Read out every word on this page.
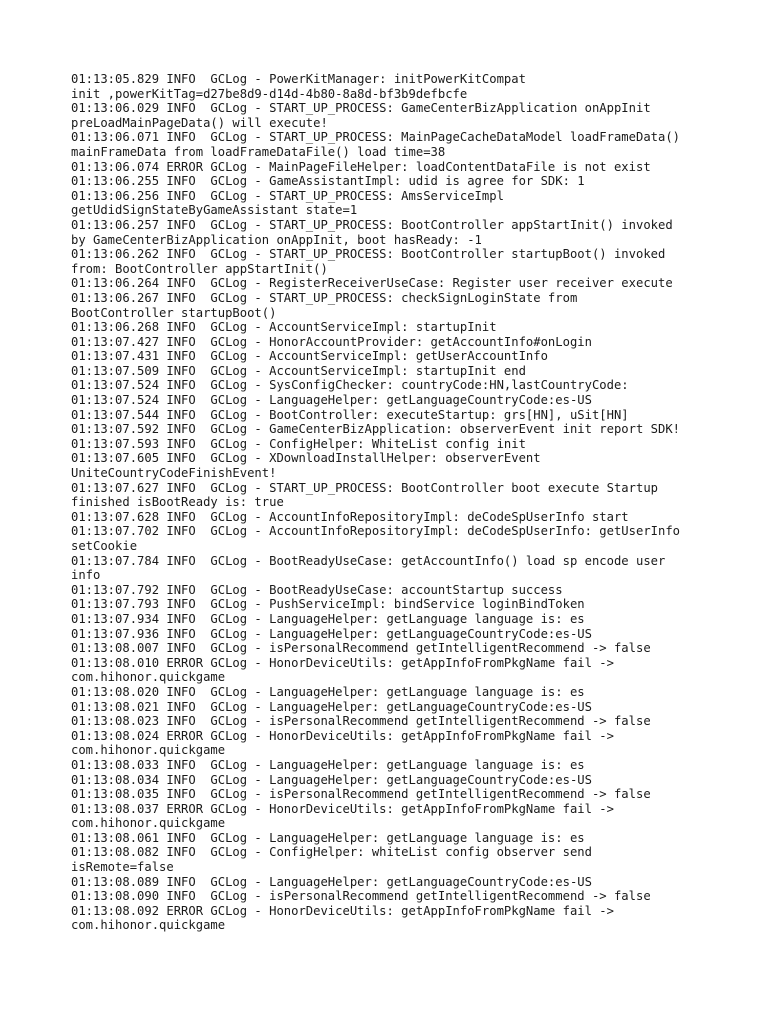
01:13:05.829 INFO  GCLog - PowerKitManager: initPowerKitCompat
init ,powerKitTag=d27be8d9-d14d-4b80-8a8d-bf3b9defbcfe
01:13:06.029 INFO  GCLog - START_UP_PROCESS: GameCenterBizApplication onAppInit
preLoadMainPageData() will execute!
01:13:06.071 INFO  GCLog - START_UP_PROCESS: MainPageCacheDataModel loadFrameData()
mainFrameData from loadFrameDataFile() load time=38
01:13:06.074 ERROR GCLog - MainPageFileHelper: loadContentDataFile is not exist
01:13:06.255 INFO  GCLog - GameAssistantImpl: udid is agree for SDK: 1
01:13:06.256 INFO  GCLog - START_UP_PROCESS: AmsServiceImpl
getUdidSignStateByGameAssistant state=1
01:13:06.257 INFO  GCLog - START_UP_PROCESS: BootController appStartInit() invoked
by GameCenterBizApplication onAppInit, boot hasReady: -1
01:13:06.262 INFO  GCLog - START_UP_PROCESS: BootController startupBoot() invoked
from: BootController appStartInit()
01:13:06.264 INFO  GCLog - RegisterReceiverUseCase: Register user receiver execute
01:13:06.267 INFO  GCLog - START_UP_PROCESS: checkSignLoginState from
BootController startupBoot()
01:13:06.268 INFO  GCLog - AccountServiceImpl: startupInit
01:13:07.427 INFO  GCLog - HonorAccountProvider: getAccountInfo#onLogin
01:13:07.431 INFO  GCLog - AccountServiceImpl: getUserAccountInfo
01:13:07.509 INFO  GCLog - AccountServiceImpl: startupInit end
01:13:07.524 INFO  GCLog - SysConfigChecker: countryCode:HN,lastCountryCode:
01:13:07.524 INFO  GCLog - LanguageHelper: getLanguageCountryCode:es-US
01:13:07.544 INFO  GCLog - BootController: executeStartup: grs[HN], uSit[HN]
01:13:07.592 INFO  GCLog - GameCenterBizApplication: observerEvent init report SDK!
01:13:07.593 INFO  GCLog - ConfigHelper: WhiteList config init
01:13:07.605 INFO  GCLog - XDownloadInstallHelper: observerEvent
UniteCountryCodeFinishEvent!
01:13:07.627 INFO  GCLog - START_UP_PROCESS: BootController boot execute Startup
finished isBootReady is: true
01:13:07.628 INFO  GCLog - AccountInfoRepositoryImpl: deCodeSpUserInfo start
01:13:07.702 INFO  GCLog - AccountInfoRepositoryImpl: deCodeSpUserInfo: getUserInfo
setCookie
01:13:07.784 INFO  GCLog - BootReadyUseCase: getAccountInfo() load sp encode user
info
01:13:07.792 INFO  GCLog - BootReadyUseCase: accountStartup success
01:13:07.793 INFO  GCLog - PushServiceImpl: bindService loginBindToken
01:13:07.934 INFO  GCLog - LanguageHelper: getLanguage language is: es
01:13:07.936 INFO  GCLog - LanguageHelper: getLanguageCountryCode:es-US
01:13:08.007 INFO  GCLog - isPersonalRecommend getIntelligentRecommend -> false
01:13:08.010 ERROR GCLog - HonorDeviceUtils: getAppInfoFromPkgName fail ->
com.hihonor.quickgame
01:13:08.020 INFO  GCLog - LanguageHelper: getLanguage language is: es
01:13:08.021 INFO  GCLog - LanguageHelper: getLanguageCountryCode:es-US
01:13:08.023 INFO  GCLog - isPersonalRecommend getIntelligentRecommend -> false
01:13:08.024 ERROR GCLog - HonorDeviceUtils: getAppInfoFromPkgName fail ->
com.hihonor.quickgame
01:13:08.033 INFO  GCLog - LanguageHelper: getLanguage language is: es
01:13:08.034 INFO  GCLog - LanguageHelper: getLanguageCountryCode:es-US
01:13:08.035 INFO  GCLog - isPersonalRecommend getIntelligentRecommend -> false
01:13:08.037 ERROR GCLog - HonorDeviceUtils: getAppInfoFromPkgName fail ->
com.hihonor.quickgame
01:13:08.061 INFO  GCLog - LanguageHelper: getLanguage language is: es
01:13:08.082 INFO  GCLog - ConfigHelper: whiteList config observer send
isRemote=false
01:13:08.089 INFO  GCLog - LanguageHelper: getLanguageCountryCode:es-US
01:13:08.090 INFO  GCLog - isPersonalRecommend getIntelligentRecommend -> false
01:13:08.092 ERROR GCLog - HonorDeviceUtils: getAppInfoFromPkgName fail ->
com.hihonor.quickgame
